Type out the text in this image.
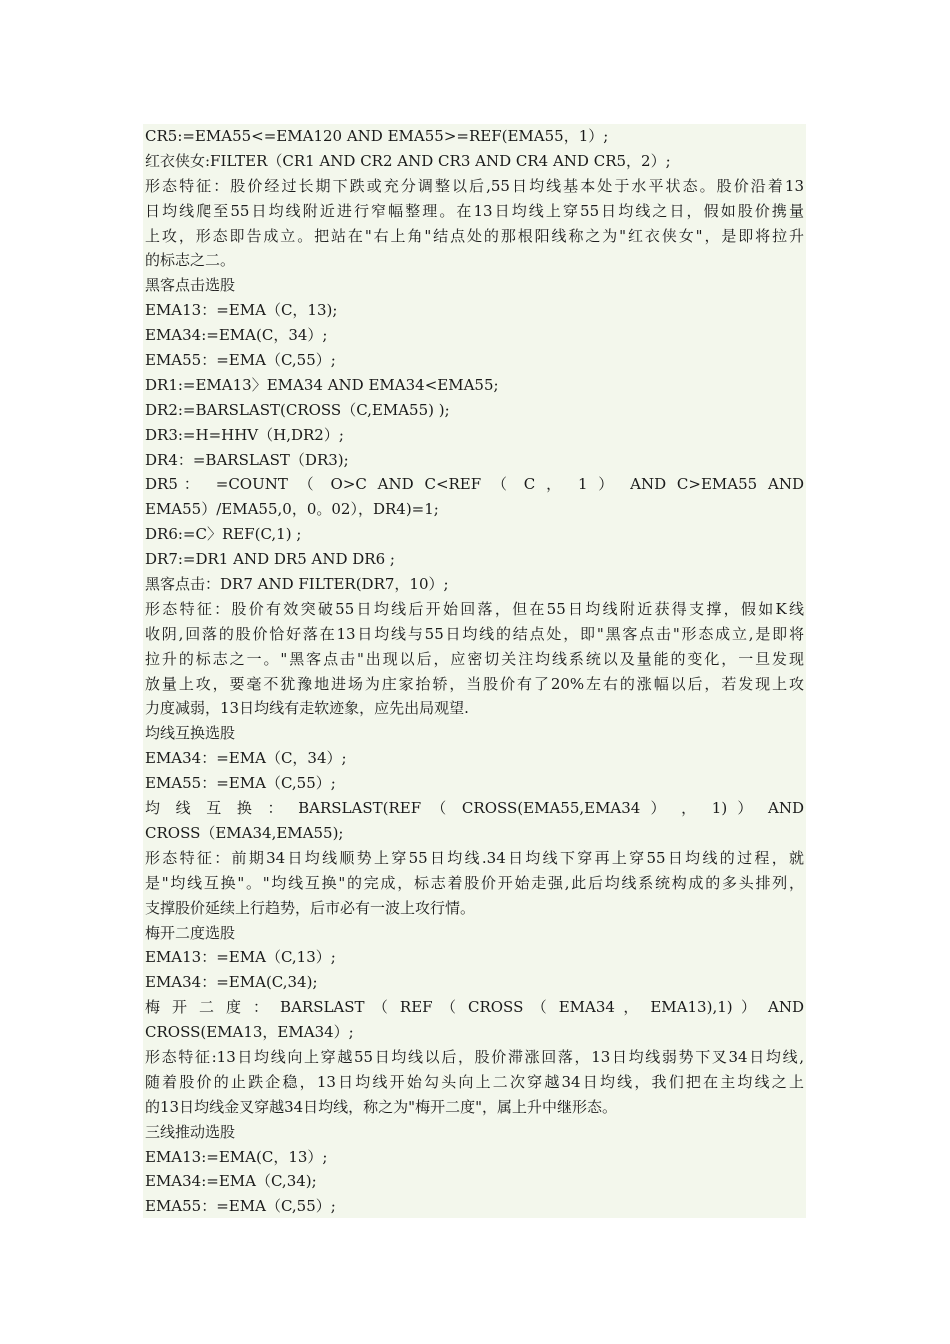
CR5:=EMA55<=EMA120 AND EMA55>=REF(EMA55，1）;
红衣侠女:FILTER（CR1 AND CR2 AND CR3 AND CR4 AND CR5，2）;
形态特征：股价经过长期下跌或充分调整以后,55日均线基本处于水平状态。股价沿着13
日均线爬至55日均线附近进行窄幅整理。在13日均线上穿55日均线之日，假如股价携量
上攻，形态即告成立。把站在"右上角"结点处的那根阳线称之为"红衣侠女"，是即将拉升
的标志之二。
黑客点击选股
EMA13：=EMA（C，13);
EMA34:=EMA(C，34）;
EMA55：=EMA（C,55）;
DR1:=EMA13〉EMA34 AND EMA34<EMA55;
DR2:=BARSLAST(CROSS（C,EMA55) );
DR3:=H=HHV（H,DR2）;
DR4：=BARSLAST（DR3);
DR5： =COUNT （ O>C AND C<REF （ C ， 1 ） AND C>EMA55 AND
EMA55）/EMA55,0，0。02），DR4)=1;
DR6:=C〉REF(C,1) ;
DR7:=DR1 AND DR5 AND DR6 ;
黑客点击：DR7 AND FILTER(DR7，10）;
形态特征：股价有效突破55日均线后开始回落，但在55日均线附近获得支撑，假如K线
收阴,回落的股价恰好落在13日均线与55日均线的结点处，即"黑客点击"形态成立,是即将
拉升的标志之一。"黑客点击"出现以后，应密切关注均线系统以及量能的变化，一旦发现
放量上攻，要毫不犹豫地进场为庄家抬轿，当股价有了20%左右的涨幅以后，若发现上攻
力度减弱，13日均线有走软迹象，应先出局观望.
均线互换选股
EMA34：=EMA（C，34）;
EMA55：=EMA（C,55）;
均 线 互 换 ： BARSLAST(REF （ CROSS(EMA55,EMA34 ） ， 1) ） AND
CROSS（EMA34,EMA55);
形态特征：前期34日均线顺势上穿55日均线.34日均线下穿再上穿55日均线的过程，就
是"均线互换"。"均线互换"的完成，标志着股价开始走强,此后均线系统构成的多头排列，
支撑股价延续上行趋势，后市必有一波上攻行情。
梅开二度选股
EMA13：=EMA（C,13）;
EMA34：=EMA(C,34);
梅 开 二 度 ： BARSLAST （ REF （ CROSS （ EMA34 ， EMA13),1) ） AND
CROSS(EMA13，EMA34）;
形态特征:13日均线向上穿越55日均线以后，股价滞涨回落，13日均线弱势下叉34日均线,
随着股价的止跌企稳，13日均线开始勾头向上二次穿越34日均线，我们把在主均线之上
的13日均线金叉穿越34日均线，称之为"梅开二度"，属上升中继形态。
三线推动选股
EMA13:=EMA(C，13）;
EMA34:=EMA（C,34);
EMA55：=EMA（C,55）;
